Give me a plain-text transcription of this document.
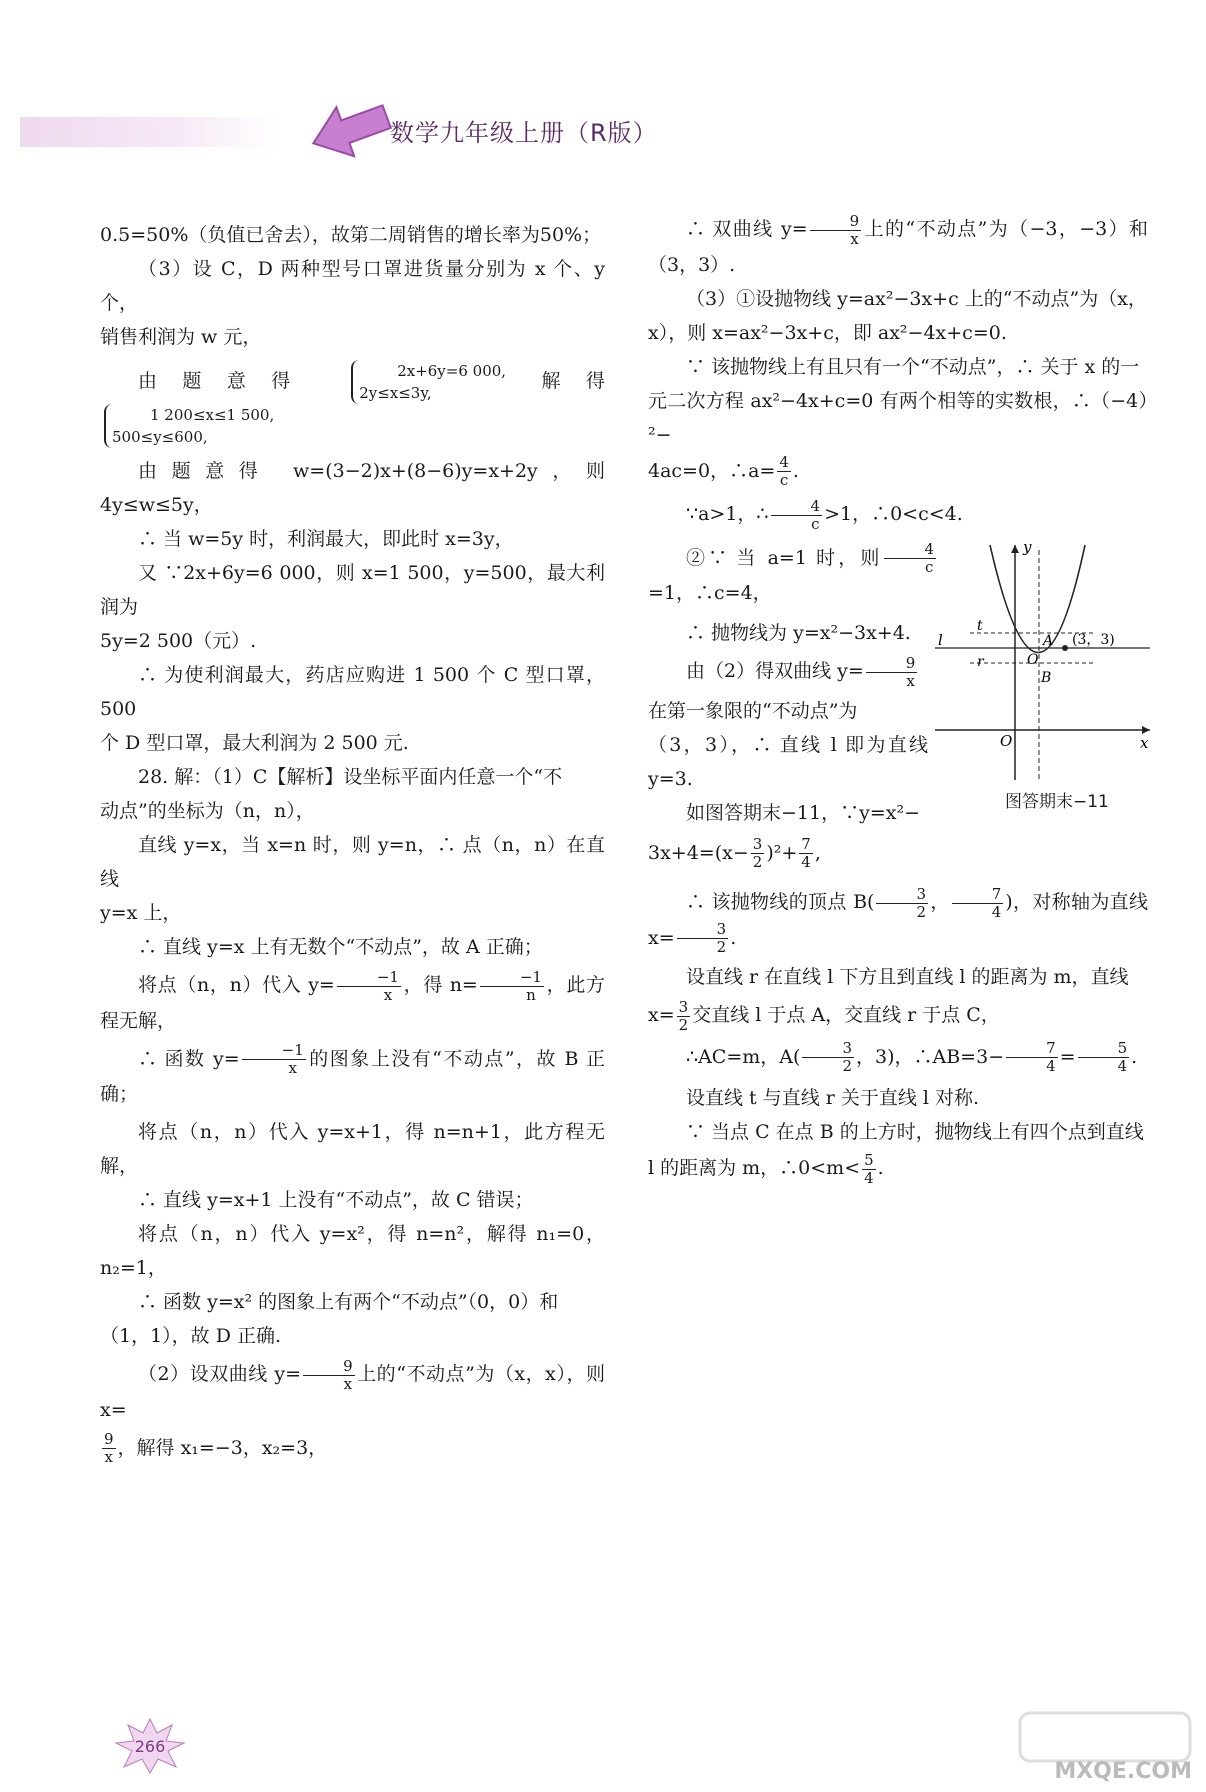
数学九年级上册（R版）

0.5=50%（负值已舍去），故第二周销售的增长率为50%；

（3）设 C，D 两种型号口罩进货量分别为 x 个、y 个，

销售利润为 w 元，

由题意得	2x+6y=6 000,
2y≤x≤3y, 解得 1 200≤x≤1 500,
500≤y≤600,

由题意得 w=(3−2)x+(8−6)y=x+2y，则 4y≤w≤5y，

∴ 当 w=5y 时，利润最大，即此时 x=3y，

又 ∵2x+6y=6 000，则 x=1 500，y=500，最大利润为

5y=2 500（元）.

∴ 为使利润最大，药店应购进 1 500 个 C 型口罩，500

个 D 型口罩，最大利润为 2 500 元.

28. 解：（1）C【解析】设坐标平面内任意一个“不

动点”的坐标为（n，n），

直线 y=x，当 x=n 时，则 y=n，∴ 点（n，n）在直线

y=x 上，

∴ 直线 y=x 上有无数个“不动点”，故 A 正确；

将点（n，n）代入 $y= \frac{-1}{x}$ ，得 $n= \frac{-1}{n}$ ，此方程无解，

∴ 函数 $y= \frac{-1}{x}$ 的图象上没有“不动点”，故 B 正确；

将点（n，n）代入 y=x+1，得 n=n+1，此方程无解，

∴ 直线 y=x+1 上没有“不动点”，故 C 错误；

将点（n，n）代入 y=x²，得 n=n²，解得 n₁=0，n₂=1，

∴ 函数 y=x² 的图象上有两个“不动点”（0，0）和

（1，1），故 D 正确.

（2）设双曲线 $y= \frac{9}{x}$ 上的“不动点”为（x，x），则 x=

$\frac{9}{x}$ ，解得 x₁=−3，x₂=3，

∴ 双曲线 $y= \frac{9}{x}$ 上的“不动点”为（−3，−3）和（3，3）.

（3）①设抛物线 y=ax²−3x+c 上的“不动点”为（x，

x），则 x=ax²−3x+c，即 ax²−4x+c=0.

∵ 该抛物线上有且只有一个“不动点”，∴ 关于 x 的一

元二次方程 ax²−4x+c=0 有两个相等的实数根，∴（−4）²−

4ac=0，∴a= $\frac{4}{c}$ .

∵a>1，∴ $\frac{4}{c} >1$，∴0<c<4.

②∵ 当 a=1 时，则 $\frac{4}{c}$
=1，∴c=4，

∴ 抛物线为 y=x²−3x+4.

由（2）得双曲线 $y= \frac{9}{x}$

在第一象限的“不动点”为

（3，3），∴ 直线 l 即为直线 y=3.

如图答期末−11，∵y=x²−

$3x+4=(x- \frac{3}{2} )^2+ \frac{7}{4}$ ,

∴ 该抛物线的顶点 $B( \frac{3}{2}$ ， $\frac{7}{4}$ )，对称轴为直线 $x= \frac{3}{2}$ .

设直线 r 在直线 l 下方且到直线 l 的距离为 m，直线

$x= \frac{3}{2}$ 交直线 l 于点 A，交直线 r 于点 C，

∴AC=m，$A( \frac{3}{2}$ ，3)，∴AB=3− $\frac{7}{4} = \frac{5}{4}$ .

设直线 t 与直线 r 关于直线 l 对称.

∵ 当点 C 在点 B 的上方时，抛物线上有四个点到直线

l 的距离为 m，∴0<m< $\frac{5}{4}$ .

y
x
O
t
l
r
A (3，3)
O
B
图答期末−11
266
MXQE.COM
